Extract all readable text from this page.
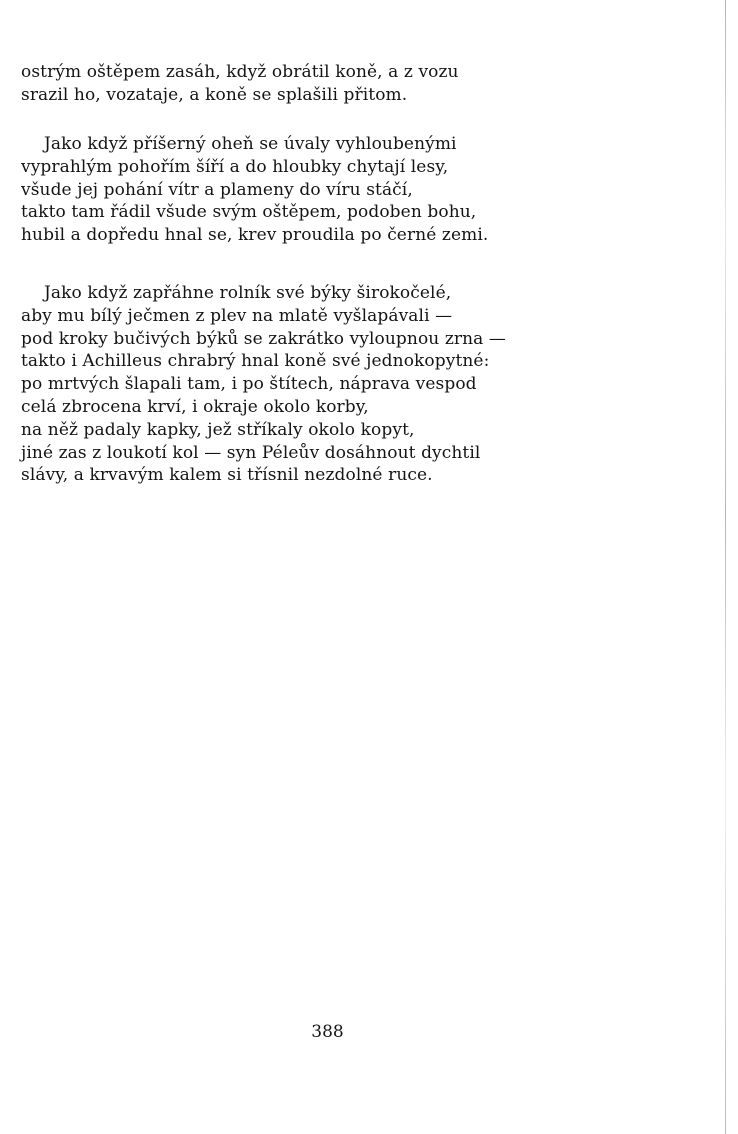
ostrým oštěpem zasáh, když obrátil koně, a z vozu
srazil ho, vozataje, a koně se splašili přitom.
Jako když příšerný oheň se úvaly vyhloubenými
vyprahlým pohořím šíří a do hloubky chytají lesy,
všude jej pohání vítr a plameny do víru stáčí,
takto tam řádil všude svým oštěpem, podoben bohu,
hubil a dopředu hnal se, krev proudila po černé zemi.
Jako když zapřáhne rolník své býky širokočelé,
aby mu bílý ječmen z plev na mlatě vyšlapávali —
pod kroky bučivých býků se zakrátko vyloupnou zrna —
takto i Achilleus chrabrý hnal koně své jednokopytné:
po mrtvých šlapali tam, i po štítech, náprava vespod
celá zbrocena krví, i okraje okolo korby,
na něž padaly kapky, jež stříkaly okolo kopyt,
jiné zas z loukotí kol — syn Péleův dosáhnout dychtil
slávy, a krvavým kalem si třísnil nezdolné ruce.
388
